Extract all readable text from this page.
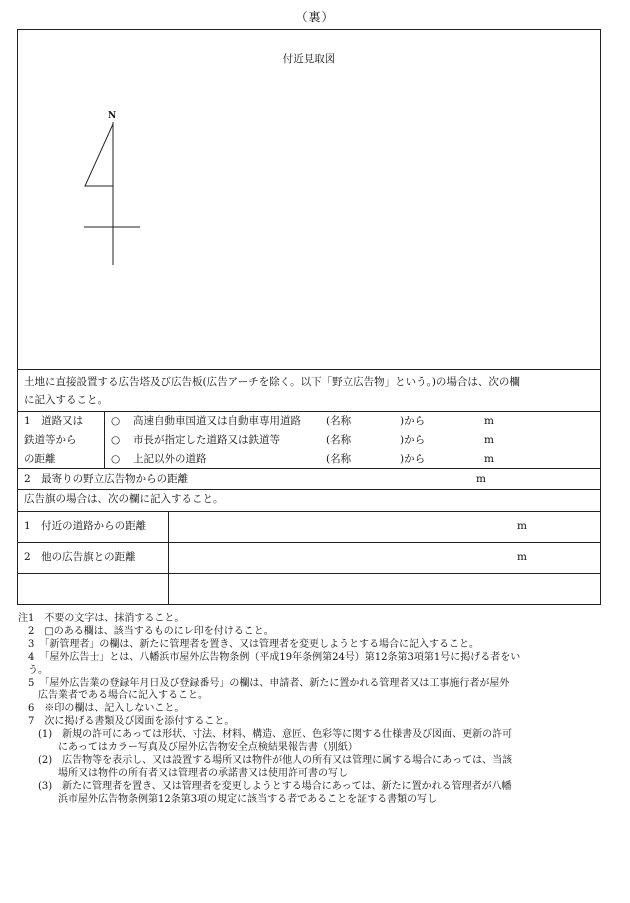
（裏）
付近見取図
N
土地に直接設置する広告塔及び広告板(広告アーチを除く。以下「野立広告物」という。)の場合は、次の欄
に記入すること。
1　道路又は
鉄道等から
の距離
○ 高速自動車国道又は自動車専用道路 (名称	)から	m
○ 市長が指定した道路又は鉄道等	(名称	)から	m
○ 上記以外の道路	(名称	)から	m
2　最寄りの野立広告物からの距離	m
広告旗の場合は、次の欄に記入すること。
1　付近の道路からの距離	m
2　他の広告旗との距離	m
注1　不要の文字は、抹消すること。
　2　□のある欄は、該当するものにレ印を付けること。
　3　「新管理者」の欄は、新たに管理者を置き、又は管理者を変更しようとする場合に記入すること。
　4　「屋外広告士」とは、八幡浜市屋外広告物条例（平成19年条例第24号）第12条第3項第1号に掲げる者をい
　う。
　5　「屋外広告業の登録年月日及び登録番号」の欄は、申請者、新たに置かれる管理者又は工事施行者が屋外
　　広告業者である場合に記入すること。
　6　※印の欄は、記入しないこと。
　7　次に掲げる書類及び図面を添付すること。
　　(1)　新規の許可にあっては形状、寸法、材料、構造、意匠、色彩等に関する仕様書及び図面、更新の許可
　　　　にあってはカラー写真及び屋外広告物安全点検結果報告書（別紙）
　　(2)　広告物等を表示し、又は設置する場所又は物件が他人の所有又は管理に属する場合にあっては、当該
　　　　場所又は物件の所有者又は管理者の承諾書又は使用許可書の写し
　　(3)　新たに管理者を置き、又は管理者を変更しようとする場合にあっては、新たに置かれる管理者が八幡
　　　　浜市屋外広告物条例第12条第3項の規定に該当する者であることを証する書類の写し
